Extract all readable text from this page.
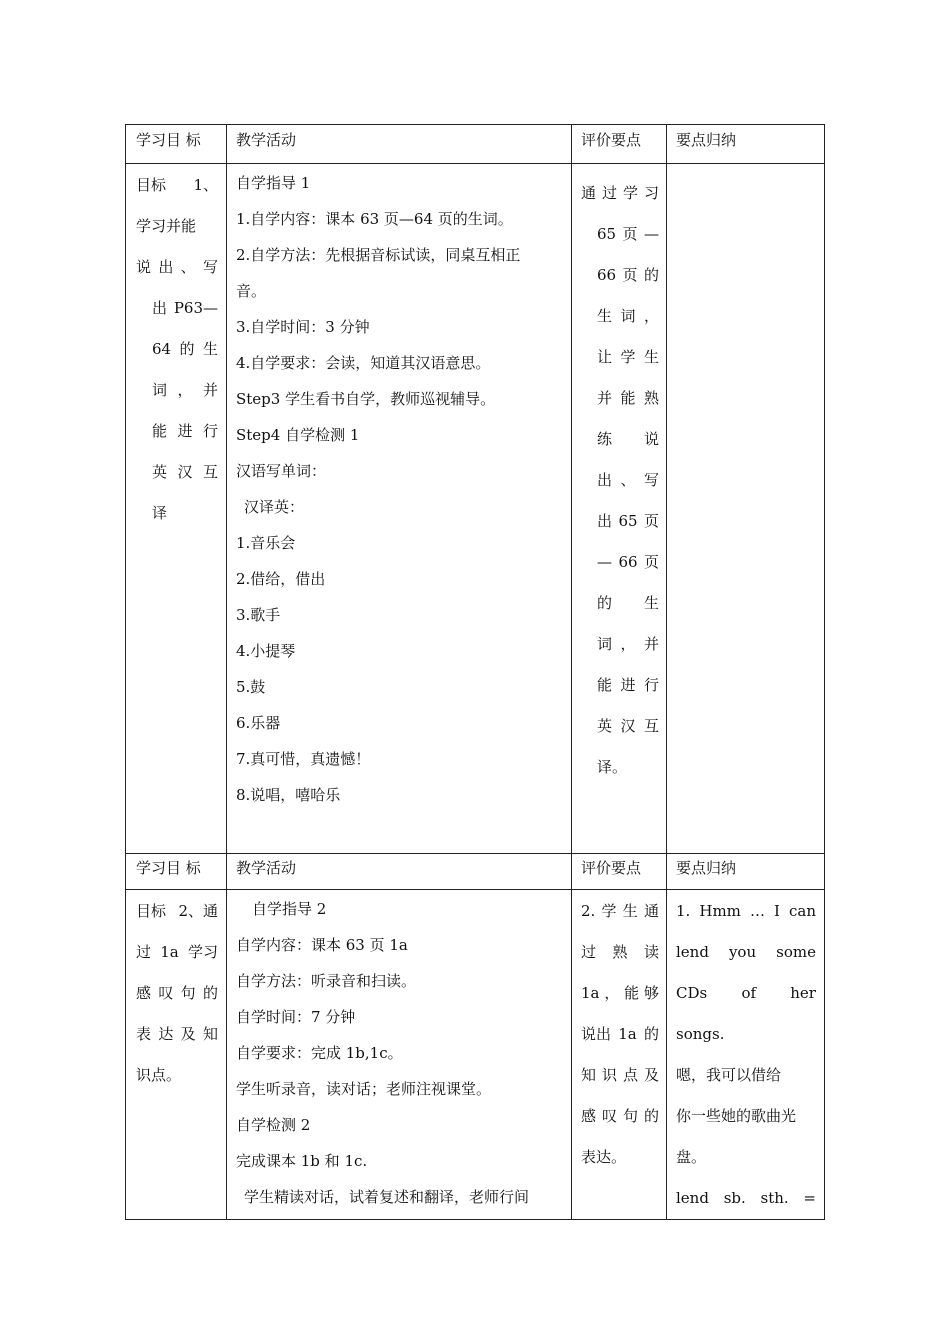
学习目 标 教学活动	评价要点 要点归纳
目标 1、
学习并能
说 出 、 写
出 P63—
64 的 生
词 ， 并
能 进 行
英 汉 互
译
自学指导 1
1.自学内容：课本 63 页—64 页的生词。
2.自学方法：先根据音标试读，同桌互相正
音。
3.自学时间：3 分钟
4.自学要求：会读，知道其汉语意思。
Step3 学生看书自学，教师巡视辅导。
Step4 自学检测 1
汉语写单词：
汉译英：
1.音乐会
2.借给，借出
3.歌手
4.小提琴
5.鼓
6.乐器
7.真可惜，真遗憾！
8.说唱，嘻哈乐
通 过 学 习
65 页 —
66 页 的
生 词 ，
让 学 生
并 能 熟
练 说
出 、 写
出 65 页
— 66 页
的 生
词 ， 并
能 进 行
英 汉 互
译。
学习目 标 教学活动	评价要点 要点归纳
目标 2、通
过 1a 学习
感 叹 句 的
表 达 及 知
识点。
自学指导 2
自学内容：课本 63 页 1a
自学方法：听录音和扫读。
自学时间：7 分钟
自学要求：完成 1b,1c。
学生听录音，读对话；老师注视课堂。
自学检测 2
完成课本 1b 和 1c.
学生精读对话，试着复述和翻译，老师行间
2. 学 生 通
过 熟 读
1a ， 能 够
说出 1a 的
知 识 点 及
感 叹 句 的
表达。
1. Hmm … I can
lend you some
CDs of her
songs.
嗯，我可以借给
你一些她的歌曲光
盘。
lend sb. sth. =
